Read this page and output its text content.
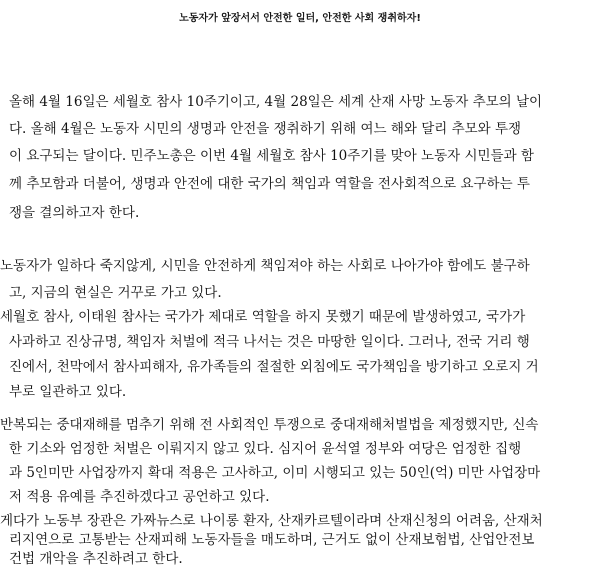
노동자가 앞장서서 안전한 일터, 안전한 사회 쟁취하자!
올해 4월 16일은 세월호 참사 10주기이고, 4월 28일은 세계 산재 사망 노동자 추모의 날이
다. 올해 4월은 노동자 시민의 생명과 안전을 쟁취하기 위해 여느 해와 달리 추모와 투쟁
이 요구되는 달이다. 민주노총은 이번 4월 세월호 참사 10주기를 맞아 노동자 시민들과 함
께 추모함과 더불어, 생명과 안전에 대한 국가의 책임과 역할을 전사회적으로 요구하는 투
쟁을 결의하고자 한다.
노동자가 일하다 죽지않게, 시민을 안전하게 책임져야 하는 사회로 나아가야 함에도 불구하
고, 지금의 현실은 거꾸로 가고 있다.
세월호 참사, 이태원 참사는 국가가 제대로 역할을 하지 못했기 때문에 발생하였고, 국가가
사과하고 진상규명, 책임자 처벌에 적극 나서는 것은 마땅한 일이다. 그러나, 전국 거리 행
진에서, 천막에서 참사피해자, 유가족들의 절절한 외침에도 국가책임을 방기하고 오로지 거
부로 일관하고 있다.
반복되는 중대재해를 멈추기 위해 전 사회적인 투쟁으로 중대재해처벌법을 제정했지만, 신속
한 기소와 엄정한 처벌은 이뤄지지 않고 있다. 심지어 윤석열 정부와 여당은 엄정한 집행
과 5인미만 사업장까지 확대 적용은 고사하고, 이미 시행되고 있는 50인(억) 미만 사업장마
저 적용 유예를 추진하겠다고 공언하고 있다.
게다가 노동부 장관은 가짜뉴스로 나이롱 환자, 산재카르텔이라며 산재신청의 어려움, 산재처
리지연으로 고통받는 산재피해 노동자들을 매도하며, 근거도 없이 산재보험법, 산업안전보
건법 개악을 추진하려고 한다.
